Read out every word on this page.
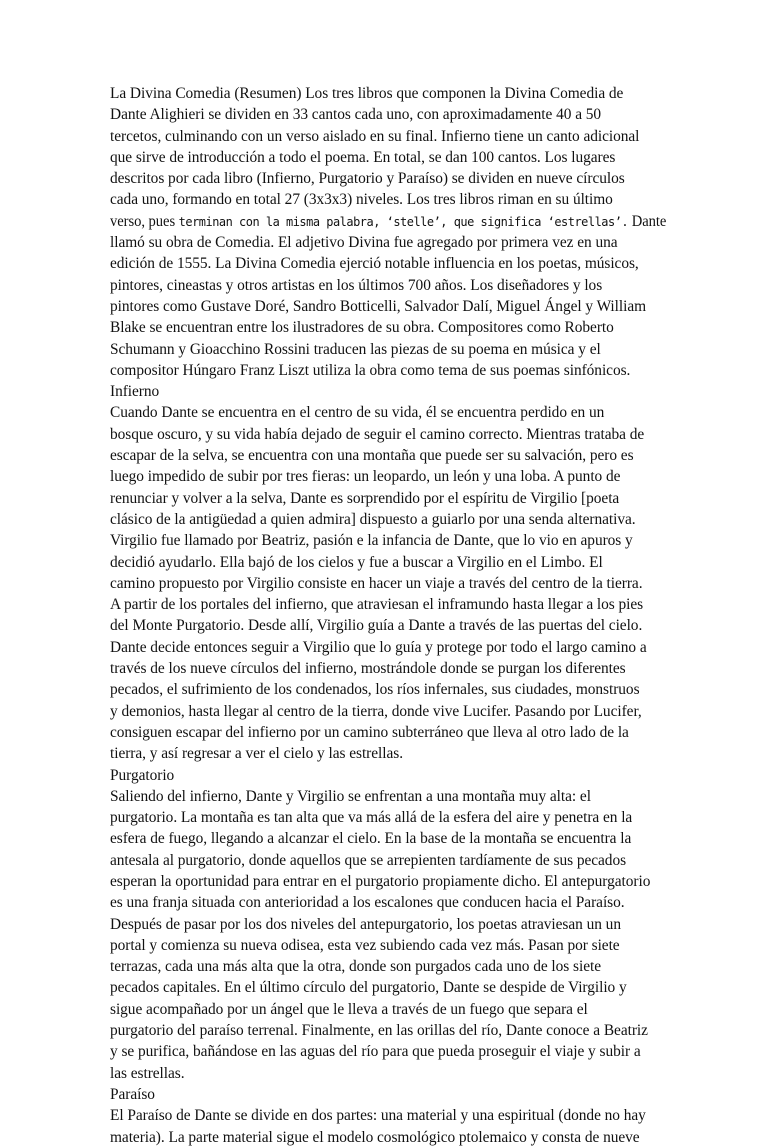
La Divina Comedia (Resumen) Los tres libros que componen la Divina Comedia de
Dante Alighieri se dividen en 33 cantos cada uno, con aproximadamente 40 a 50
tercetos, culminando con un verso aislado en su final. Infierno tiene un canto adicional
que sirve de introducción a todo el poema. En total, se dan 100 cantos. Los lugares
descritos por cada libro (Infierno, Purgatorio y Paraíso) se dividen en nueve círculos
cada uno, formando en total 27 (3x3x3) niveles. Los tres libros riman en su último
verso, pues terminan con la misma palabra, ‘stelle’, que significa ‘estrellas’. Dante
llamó su obra de Comedia. El adjetivo Divina fue agregado por primera vez en una
edición de 1555. La Divina Comedia ejerció notable influencia en los poetas, músicos,
pintores, cineastas y otros artistas en los últimos 700 años. Los diseñadores y los
pintores como Gustave Doré, Sandro Botticelli, Salvador Dalí, Miguel Ángel y William
Blake se encuentran entre los ilustradores de su obra. Compositores como Roberto
Schumann y Gioacchino Rossini traducen las piezas de su poema en música y el
compositor Húngaro Franz Liszt utiliza la obra como tema de sus poemas sinfónicos.
Infierno
Cuando Dante se encuentra en el centro de su vida, él se encuentra perdido en un
bosque oscuro, y su vida había dejado de seguir el camino correcto. Mientras trataba de
escapar de la selva, se encuentra con una montaña que puede ser su salvación, pero es
luego impedido de subir por tres fieras: un leopardo, un león y una loba. A punto de
renunciar y volver a la selva, Dante es sorprendido por el espíritu de Virgilio [poeta
clásico de la antigüedad a quien admira] dispuesto a guiarlo por una senda alternativa.
Virgilio fue llamado por Beatriz, pasión e la infancia de Dante, que lo vio en apuros y
decidió ayudarlo. Ella bajó de los cielos y fue a buscar a Virgilio en el Limbo. El
camino propuesto por Virgilio consiste en hacer un viaje a través del centro de la tierra.
A partir de los portales del infierno, que atraviesan el inframundo hasta llegar a los pies
del Monte Purgatorio. Desde allí, Virgilio guía a Dante a través de las puertas del cielo.
Dante decide entonces seguir a Virgilio que lo guía y protege por todo el largo camino a
través de los nueve círculos del infierno, mostrándole donde se purgan los diferentes
pecados, el sufrimiento de los condenados, los ríos infernales, sus ciudades, monstruos
y demonios, hasta llegar al centro de la tierra, donde vive Lucifer. Pasando por Lucifer,
consiguen escapar del infierno por un camino subterráneo que lleva al otro lado de la
tierra, y así regresar a ver el cielo y las estrellas.
Purgatorio
Saliendo del infierno, Dante y Virgilio se enfrentan a una montaña muy alta: el
purgatorio. La montaña es tan alta que va más allá de la esfera del aire y penetra en la
esfera de fuego, llegando a alcanzar el cielo. En la base de la montaña se encuentra la
antesala al purgatorio, donde aquellos que se arrepienten tardíamente de sus pecados
esperan la oportunidad para entrar en el purgatorio propiamente dicho. El antepurgatorio
es una franja situada con anterioridad a los escalones que conducen hacia el Paraíso.
Después de pasar por los dos niveles del antepurgatorio, los poetas atraviesan un un
portal y comienza su nueva odisea, esta vez subiendo cada vez más. Pasan por siete
terrazas, cada una más alta que la otra, donde son purgados cada uno de los siete
pecados capitales. En el último círculo del purgatorio, Dante se despide de Virgilio y
sigue acompañado por un ángel que le lleva a través de un fuego que separa el
purgatorio del paraíso terrenal. Finalmente, en las orillas del río, Dante conoce a Beatriz
y se purifica, bañándose en las aguas del río para que pueda proseguir el viaje y subir a
las estrellas.
Paraíso
El Paraíso de Dante se divide en dos partes: una material y una espiritual (donde no hay
materia). La parte material sigue el modelo cosmológico ptolemaico y consta de nueve
